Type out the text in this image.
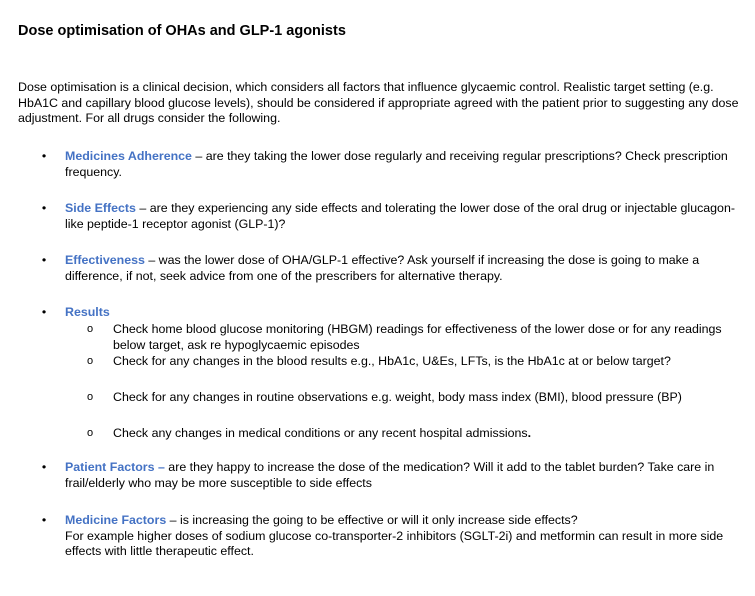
Dose optimisation of OHAs and GLP-1 agonists

Dose optimisation is a clinical decision, which considers all factors that influence glycaemic control. Realistic target setting (e.g. HbA1C and capillary blood glucose levels), should be considered if appropriate agreed with the patient prior to suggesting any dose adjustment. For all drugs consider the following.

• Medicines Adherence – are they taking the lower dose regularly and receiving regular prescriptions? Check prescription frequency.
• Side Effects – are they experiencing any side effects and tolerating the lower dose of the oral drug or injectable glucagon-like peptide-1 receptor agonist (GLP-1)?
• Effectiveness – was the lower dose of OHA/GLP-1 effective? Ask yourself if increasing the dose is going to make a difference, if not, seek advice from one of the prescribers for alternative therapy.
• Results
o Check home blood glucose monitoring (HBGM) readings for effectiveness of the lower dose or for any readings below target, ask re hypoglycaemic episodes
o Check for any changes in the blood results e.g., HbA1c, U&Es, LFTs, is the HbA1c at or below target?
o Check for any changes in routine observations e.g. weight, body mass index (BMI), blood pressure (BP)
o Check any changes in medical conditions or any recent hospital admissions.
• Patient Factors – are they happy to increase the dose of the medication? Will it add to the tablet burden? Take care in frail/elderly who may be more susceptible to side effects
• Medicine Factors – is increasing the going to be effective or will it only increase side effects?
For example higher doses of sodium glucose co-transporter-2 inhibitors (SGLT-2i) and metformin can result in more side effects with little therapeutic effect.
